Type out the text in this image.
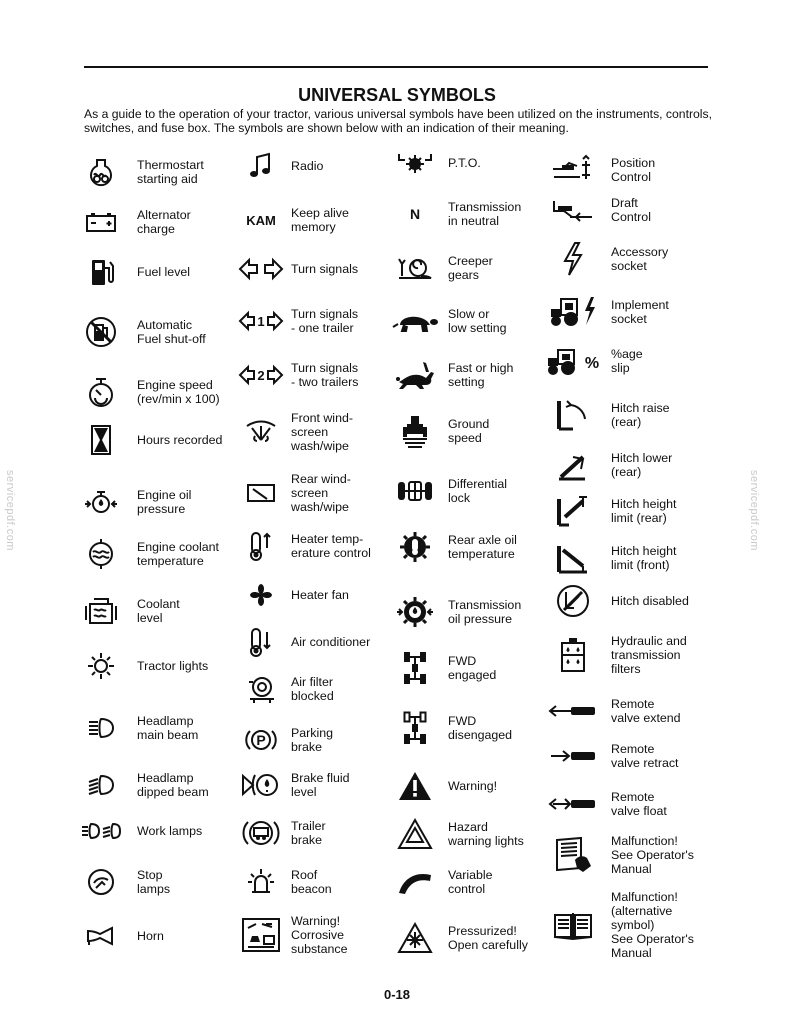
UNIVERSAL SYMBOLS
As a guide to the operation of your tractor, various universal symbols have been utilized on the instruments, controls, switches, and fuse box. The symbols are shown below with an indication of their meaning.
Thermostart
starting aid
Alternator
charge
Fuel level
Automatic
Fuel shut-off
Engine speed
(rev/min x 100)
Hours recorded
Engine oil
pressure
Engine coolant
temperature
Coolant
level
Tractor lights
Headlamp
main beam
Headlamp
dipped beam
Work lamps
Stop
lamps
Horn
Radio
KAM Keep alive
memory
Turn signals
1 Turn signals
- one trailer
2 Turn signals
- two trailers
Front wind-
screen
wash/wipe
Rear wind-
screen
wash/wipe
Heater temp-
erature control
Heater fan
Air conditioner
Air filter
blocked
P Parking
brake
Brake fluid
level
Trailer
brake
Roof
beacon
Warning!
Corrosive
substance
P.T.O.
N Transmission
in neutral
Creeper
gears
Slow or
low setting
Fast or high
setting
Ground
speed
Differential
lock
Rear axle oil
temperature
Transmission
oil pressure
FWD
engaged
FWD
disengaged
Warning!
Hazard
warning lights
Variable
control
Pressurized!
Open carefully
Position
Control
Draft
Control
Accessory
socket
Implement
socket
%
%age
slip
Hitch raise
(rear)
Hitch lower
(rear)
Hitch height
limit (rear)
Hitch height
limit (front)
Hitch disabled
Hydraulic and
transmission
filters
Remote
valve extend
Remote
valve retract
Remote
valve float
Malfunction!
See Operator's
Manual
Malfunction!
(alternative
symbol)
See Operator's
Manual
0-18
servicepdf.com	servicepdf.com
